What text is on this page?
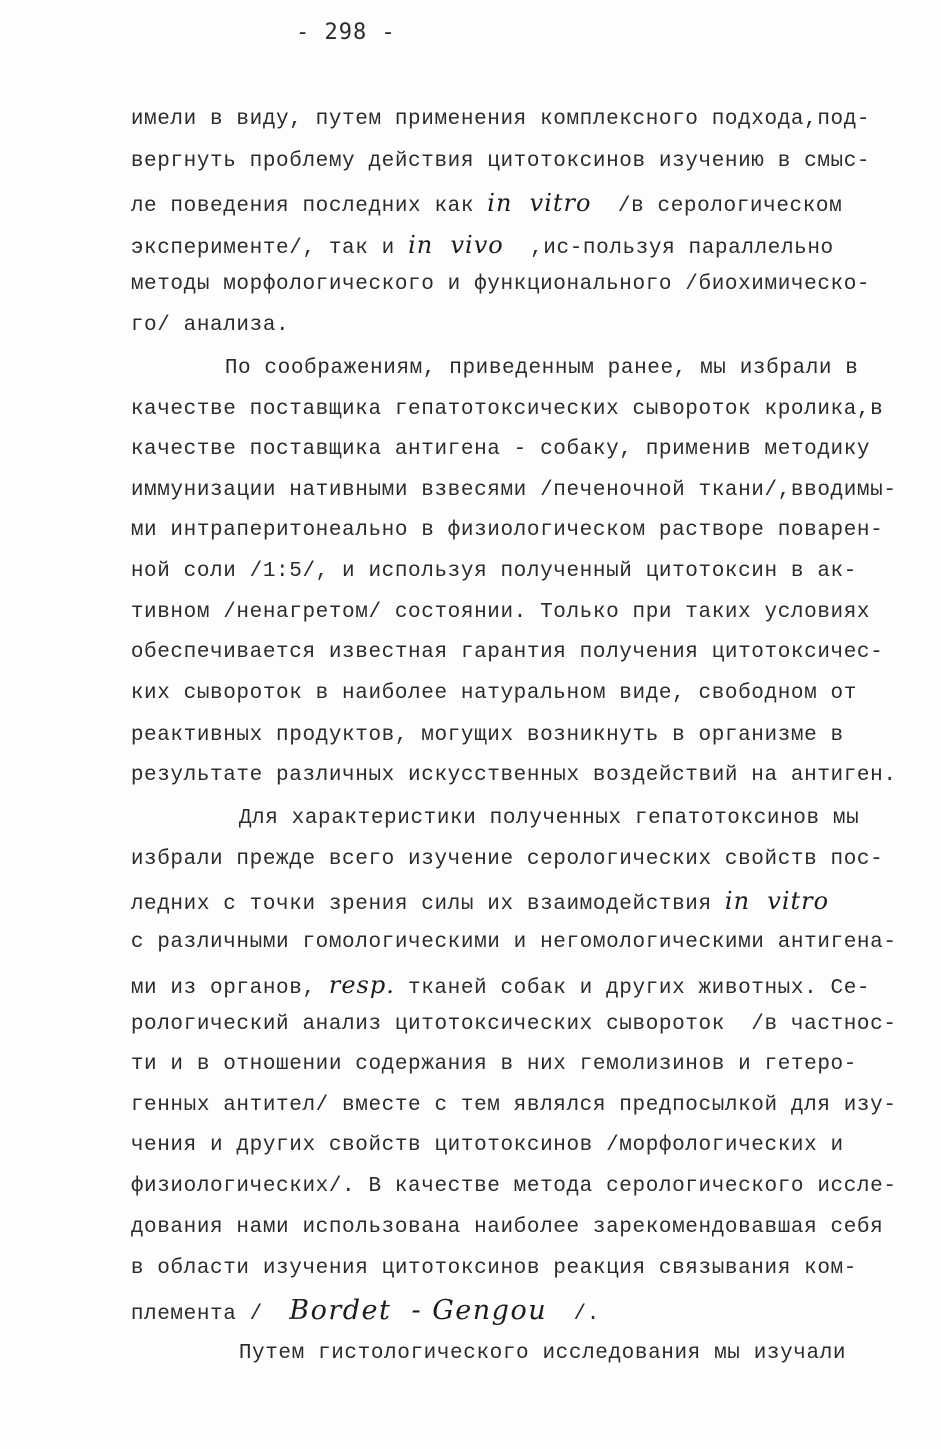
- 298 -

имели в виду, путем применения комплексного подхода,под-

вергнуть проблему действия цитотоксинов изучению в смыс-

ле поведения последних как in  vitro  /в серологическом

эксперименте/, так и in  vivo  ,ис-пользуя параллельно

методы морфологического и функционального /биохимическо-

го/ анализа.

По соображениям, приведенным ранее, мы избрали в

качестве поставщика гепатотоксических сывороток кролика,в

качестве поставщика антигена - собаку, применив методику

иммунизации нативными взвесями /печеночной ткани/,вводимы-

ми интраперитонеально в физиологическом растворе поварен-

ной соли /1:5/, и используя полученный цитотоксин в ак-

тивном /ненагретом/ состоянии. Только при таких условиях

обеспечивается известная гарантия получения цитотоксичес-

ких сывороток в наиболее натуральном виде, свободном от

реактивных продуктов, могущих возникнуть в организме в

результате различных искусственных воздействий на антиген.

Для характеристики полученных гепатотоксинов мы

избрали прежде всего изучение серологических свойств пос-

ледних с точки зрения силы их взаимодействия in  vitro

с различными гомологическими и негомологическими антигена-

ми из органов, resp. тканей собак и других животных. Се-

рологический анализ цитотоксических сывороток  /в частнос-

ти и в отношении содержания в них гемолизинов и гетеро-

генных антител/ вместе с тем являлся предпосылкой для изу-

чения и других свойств цитотоксинов /морфологических и

физиологических/. В качестве метода серологического иссле-

дования нами использована наиболее зарекомендовавшая себя

в области изучения цитотоксинов реакция связывания ком-

племента /  Bordet  - Gengou  /.

Путем гистологического исследования мы изучали
